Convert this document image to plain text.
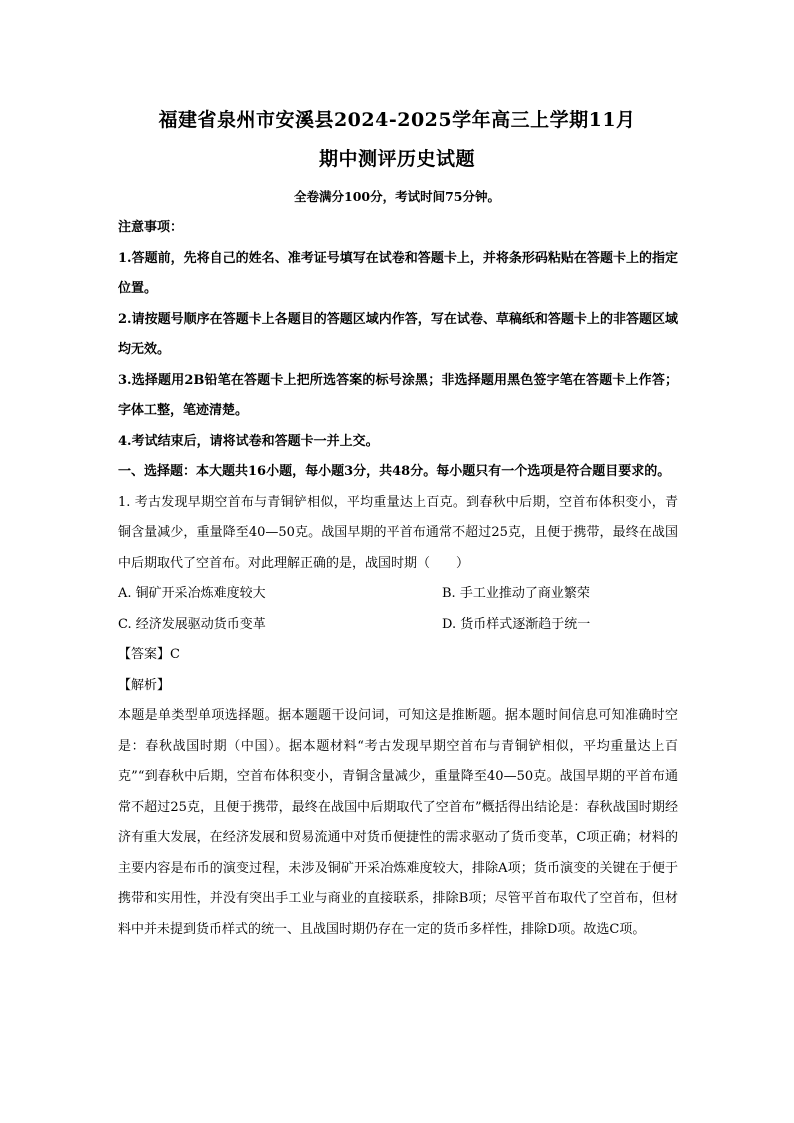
福建省泉州市安溪县2024-2025学年高三上学期11月
期中测评历史试题
全卷满分100分，考试时间75分钟。

注意事项：

1.答题前，先将自己的姓名、准考证号填写在试卷和答题卡上，并将条形码粘贴在答题卡上的指定位置。

2.请按题号顺序在答题卡上各题目的答题区域内作答，写在试卷、草稿纸和答题卡上的非答题区域均无效。

3.选择题用2B铅笔在答题卡上把所选答案的标号涂黑；非选择题用黑色签字笔在答题卡上作答；字体工整，笔迹清楚。

4.考试结束后，请将试卷和答题卡一并上交。

一、选择题：本大题共16小题，每小题3分，共48分。每小题只有一个选项是符合题目要求的。

1. 考古发现早期空首布与青铜铲相似，平均重量达上百克。到春秋中后期，空首布体积变小，青铜含量减少，重量降至40—50克。战国早期的平首布通常不超过25克，且便于携带，最终在战国中后期取代了空首布。对此理解正确的是，战国时期（　　）

A. 铜矿开采冶炼难度较大	B. 手工业推动了商业繁荣
C. 经济发展驱动货币变革	D. 货币样式逐渐趋于统一

【答案】C

【解析】

本题是单类型单项选择题。据本题题干设问词，可知这是推断题。据本题时间信息可知准确时空是：春秋战国时期（中国）。据本题材料“考古发现早期空首布与青铜铲相似，平均重量达上百克”“到春秋中后期，空首布体积变小，青铜含量减少，重量降至40—50克。战国早期的平首布通常不超过25克，且便于携带，最终在战国中后期取代了空首布”概括得出结论是：春秋战国时期经济有重大发展，在经济发展和贸易流通中对货币便捷性的需求驱动了货币变革，C项正确；材料的主要内容是布币的演变过程，未涉及铜矿开采冶炼难度较大，排除A项；货币演变的关键在于便于携带和实用性，并没有突出手工业与商业的直接联系，排除B项；尽管平首布取代了空首布，但材料中并未提到货币样式的统一、且战国时期仍存在一定的货币多样性，排除D项。故选C项。
